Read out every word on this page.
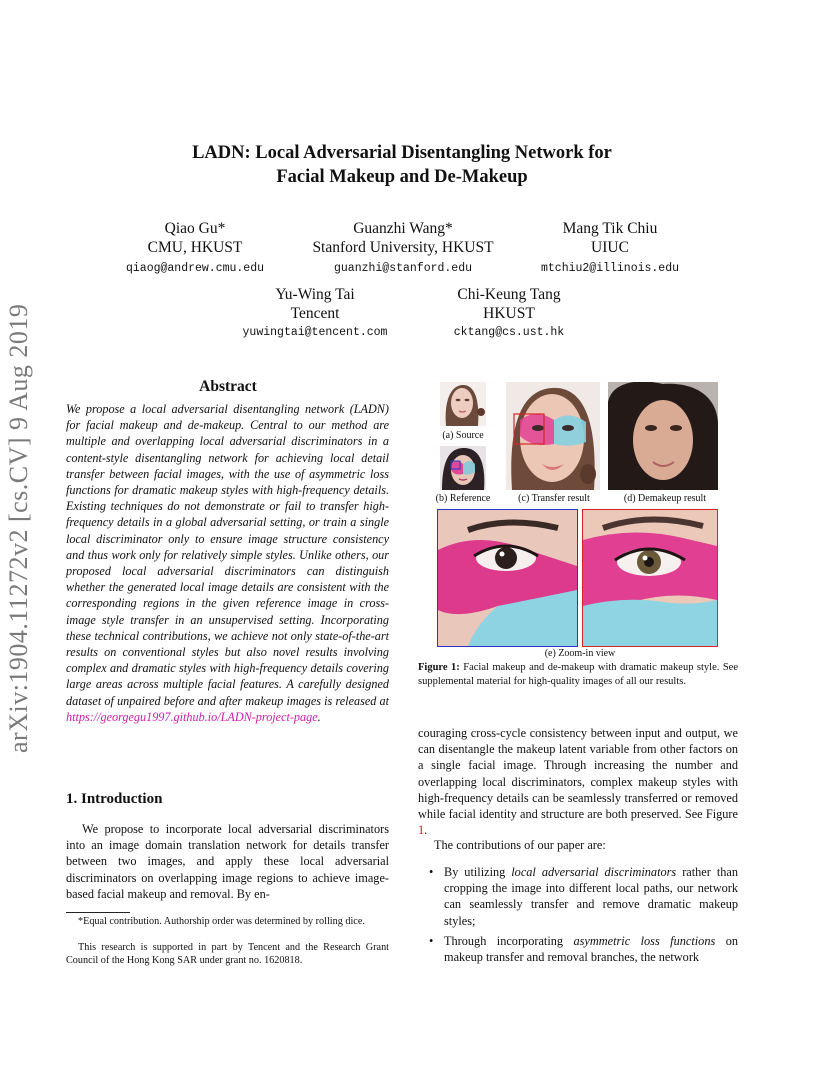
arXiv:1904.11272v2 [cs.CV] 9 Aug 2019
LADN: Local Adversarial Disentangling Network for
Facial Makeup and De-Makeup
Qiao Gu*
CMU, HKUST
qiaog@andrew.cmu.edu
Guanzhi Wang*
Stanford University, HKUST
guanzhi@stanford.edu
Mang Tik Chiu
UIUC
mtchiu2@illinois.edu
Yu-Wing Tai
Tencent
yuwingtai@tencent.com
Chi-Keung Tang
HKUST
cktang@cs.ust.hk
Abstract
We propose a local adversarial disentangling network (LADN) for facial makeup and de-makeup. Central to our method are multiple and overlapping local adversarial discriminators in a content-style disentangling network for achieving local detail transfer between facial images, with the use of asymmetric loss functions for dramatic makeup styles with high-frequency details. Existing techniques do not demonstrate or fail to transfer high-frequency details in a global adversarial setting, or train a single local discriminator only to ensure image structure consistency and thus work only for relatively simple styles. Unlike others, our proposed local adversarial discriminators can distinguish whether the generated local image details are consistent with the corresponding regions in the given reference image in cross-image style transfer in an unsupervised setting. Incorporating these technical contributions, we achieve not only state-of-the-art results on conventional styles but also novel results involving complex and dramatic styles with high-frequency details covering large areas across multiple facial features. A carefully designed dataset of unpaired before and after makeup images is released at https://georgegu1997.github.io/LADN-project-page.
1. Introduction
We propose to incorporate local adversarial discriminators into an image domain translation network for details transfer between two images, and apply these local adversarial discriminators on overlapping image regions to achieve image-based facial makeup and removal. By en-
*Equal contribution. Authorship order was determined by rolling dice.
This research is supported in part by Tencent and the Research Grant Council of the Hong Kong SAR under grant no. 1620818.
(a) Source
(b) Reference	(c) Transfer result	(d) Demakeup result
(e) Zoom-in view
Figure 1: Facial makeup and de-makeup with dramatic makeup style. See supplemental material for high-quality images of all our results.
couraging cross-cycle consistency between input and output, we can disentangle the makeup latent variable from other factors on a single facial image. Through increasing the number and overlapping local discriminators, complex makeup styles with high-frequency details can be seamlessly transferred or removed while facial identity and structure are both preserved. See Figure 1.
The contributions of our paper are:
• By utilizing local adversarial discriminators rather than cropping the image into different local paths, our network can seamlessly transfer and remove dramatic makeup styles;
• Through incorporating asymmetric loss functions on makeup transfer and removal branches, the network
